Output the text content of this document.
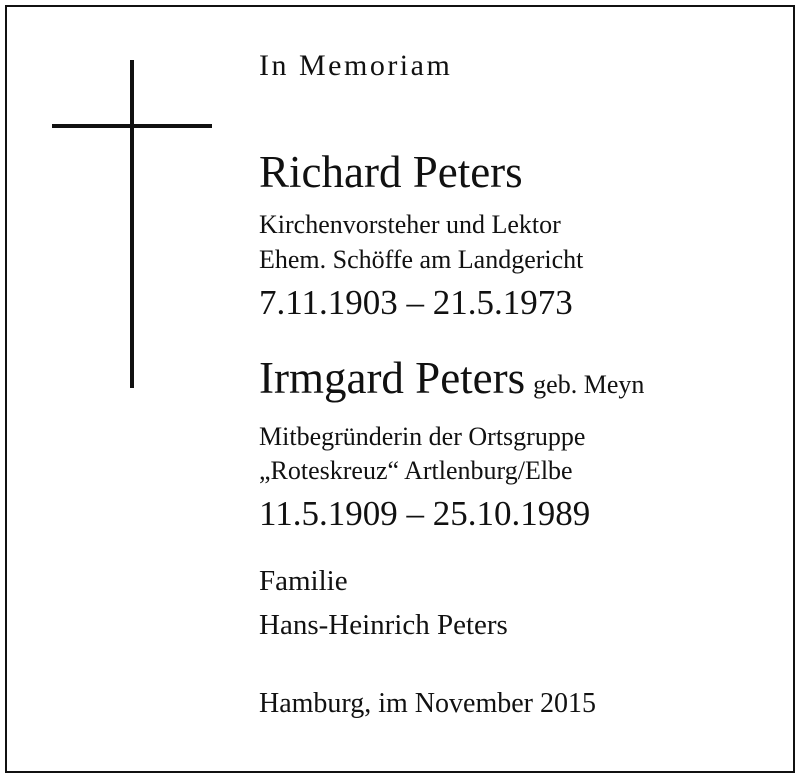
In Memoriam
Richard Peters
Kirchenvorsteher und Lektor
Ehem. Schöffe am Landgericht
7.11.1903 – 21.5.1973
Irmgard Peters geb. Meyn
Mitbegründerin der Ortsgruppe
„Roteskreuz“ Artlenburg/Elbe
11.5.1909 – 25.10.1989
Familie
Hans-Heinrich Peters
Hamburg, im November 2015
